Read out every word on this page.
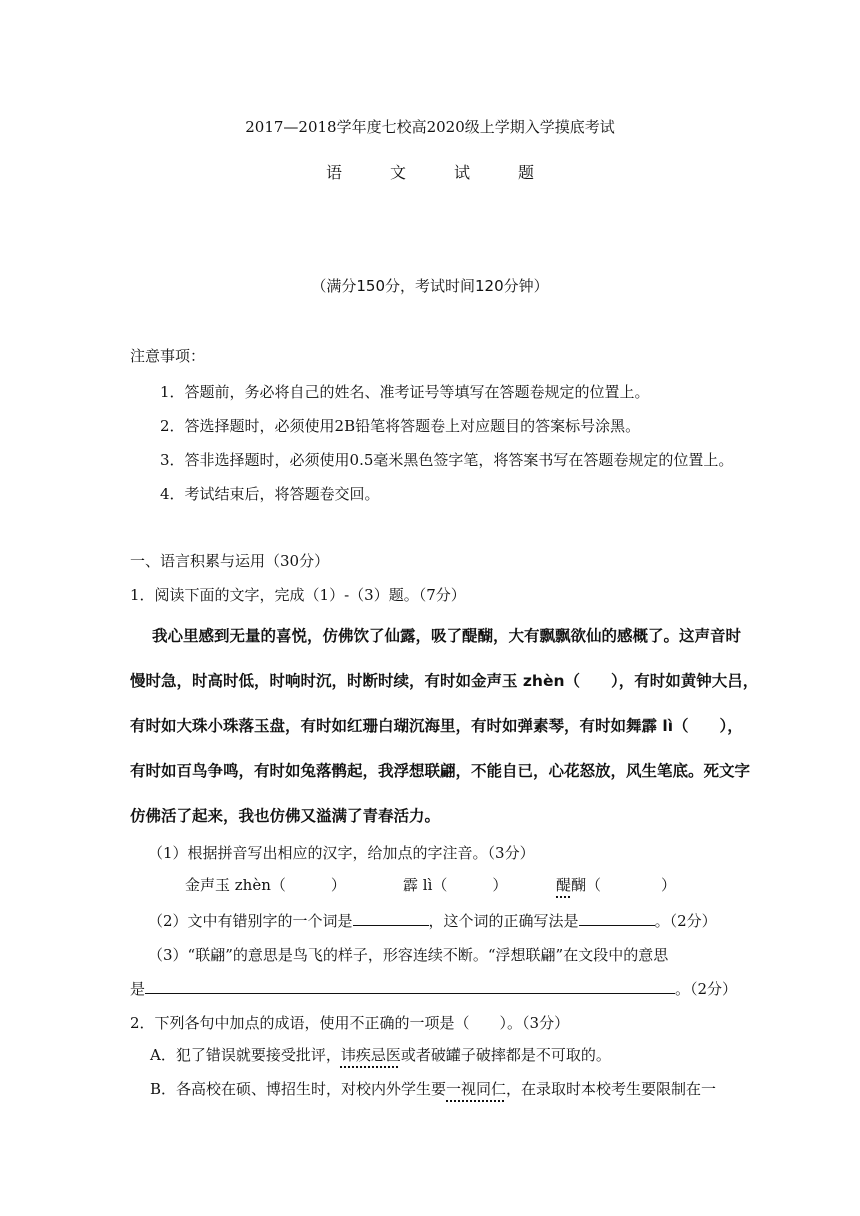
2017—2018学年度七校高2020级上学期入学摸底考试
语	文	试	题
（满分150分，考试时间120分钟）
注意事项：
1．答题前，务必将自己的姓名、准考证号等填写在答题卷规定的位置上。
2．答选择题时，必须使用2B铅笔将答题卷上对应题目的答案标号涂黑。
3．答非选择题时，必须使用0.5毫米黑色签字笔，将答案书写在答题卷规定的位置上。
4．考试结束后，将答题卷交回。
一、语言积累与运用（30分）
1．阅读下面的文字，完成（1）-（3）题。（7分）
我心里感到无量的喜悦，仿佛饮了仙露，吸了醍醐，大有飘飘欲仙的感概了。这声音时
慢时急，时高时低，时响时沉，时断时续，有时如金声玉 zhèn（　　），有时如黄钟大吕，
有时如大珠小珠落玉盘，有时如红珊白瑚沉海里，有时如弹素琴，有时如舞霹 lì（　　），
有时如百鸟争鸣，有时如兔落鹘起，我浮想联翩，不能自已，心花怒放，风生笔底。死文字
仿佛活了起来，我也仿佛又溢满了青春活力。
（1）根据拼音写出相应的汉字，给加点的字注音。（3分）
金声玉 zhèn（　　　）	霹 lì（　　　）	醍醐（　　　　）
（2）文中有错别字的一个词是	，这个词的正确写法是	。（2分）
（3）“联翩”的意思是鸟飞的样子，形容连续不断。“浮想联翩”在文段中的意思
是	。（2分）
2．下列各句中加点的成语，使用不正确的一项是（　　）。（3分）
A．犯了错误就要接受批评，讳疾忌医或者破罐子破摔都是不可取的。
B．各高校在硕、博招生时，对校内外学生要一视同仁，在录取时本校考生要限制在一
